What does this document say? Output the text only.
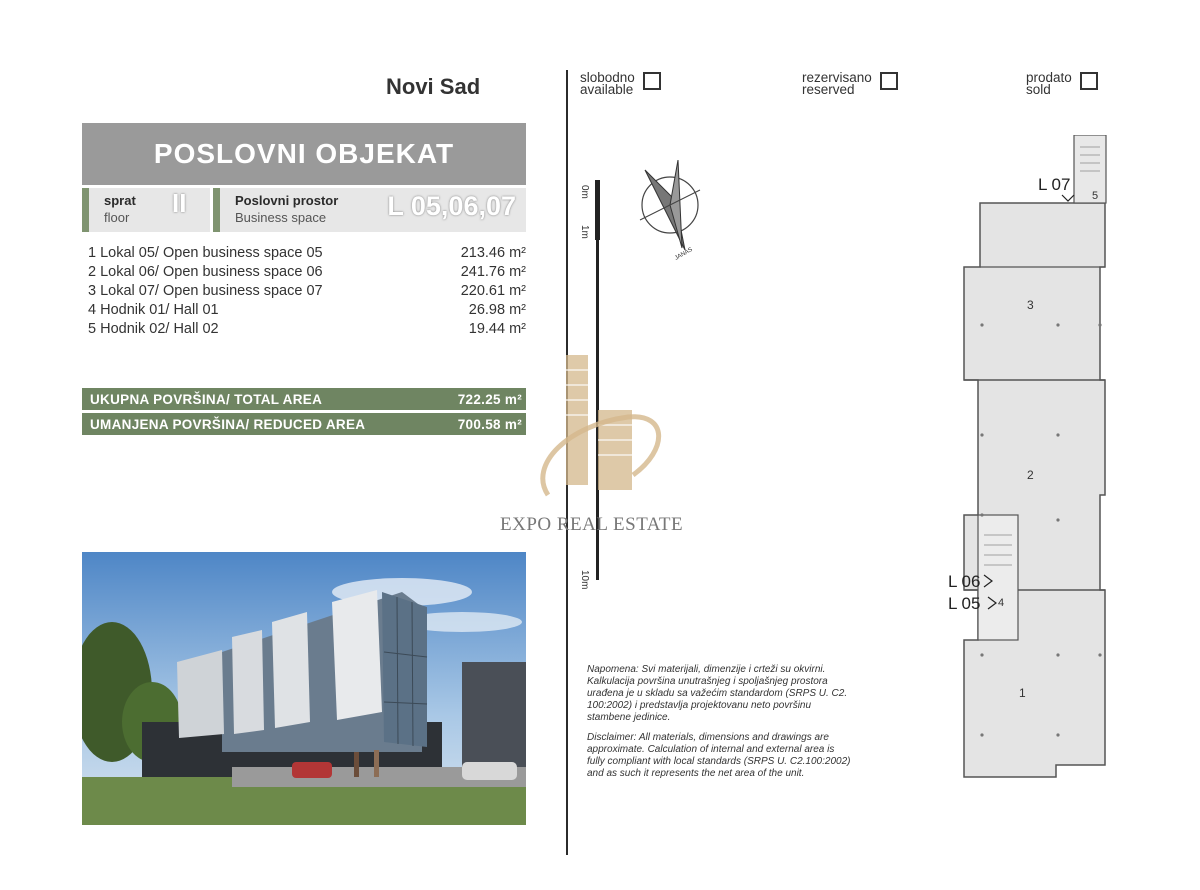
Novi Sad
POSLOVNI OBJEKAT
sprat
floor II	Poslovni prostor
Business space	L 05,06,07
1 Lokal 05/ Open business space 05	213.46 m²
2 Lokal 06/ Open business space 06	241.76 m²
3 Lokal 07/ Open business space 07	220.61 m²
4 Hodnik 01/ Hall 01	26.98 m²
5 Hodnik 02/ Hall 02	19.44 m²
UKUPNA POVRŠINA/ TOTAL AREA	722.25 m²
UMANJENA POVRŠINA/ REDUCED AREA	700.58 m²
slobodno
available
rezervisano
reserved
prodato
sold
0m
1m
10m
JANAS
EXPO REAL ESTATE

Napomena: Svi materijali, dimenzije i crteži su okvirni. Kalkulacija površina unutrašnjeg i spoljašnjeg prostora urađena je u skladu sa važećim standardom (SRPS U. C2. 100:2002) i predstavlja projektovanu neto površinu stambene jedinice.

Disclaimer: All materials, dimensions and drawings are approximate. Calculation of internal and external area is fully compliant with local standards (SRPS U. C2.100:2002) and as such it represents the net area of the unit.

3
2
1
4
5
L 07
L 06
L 05
